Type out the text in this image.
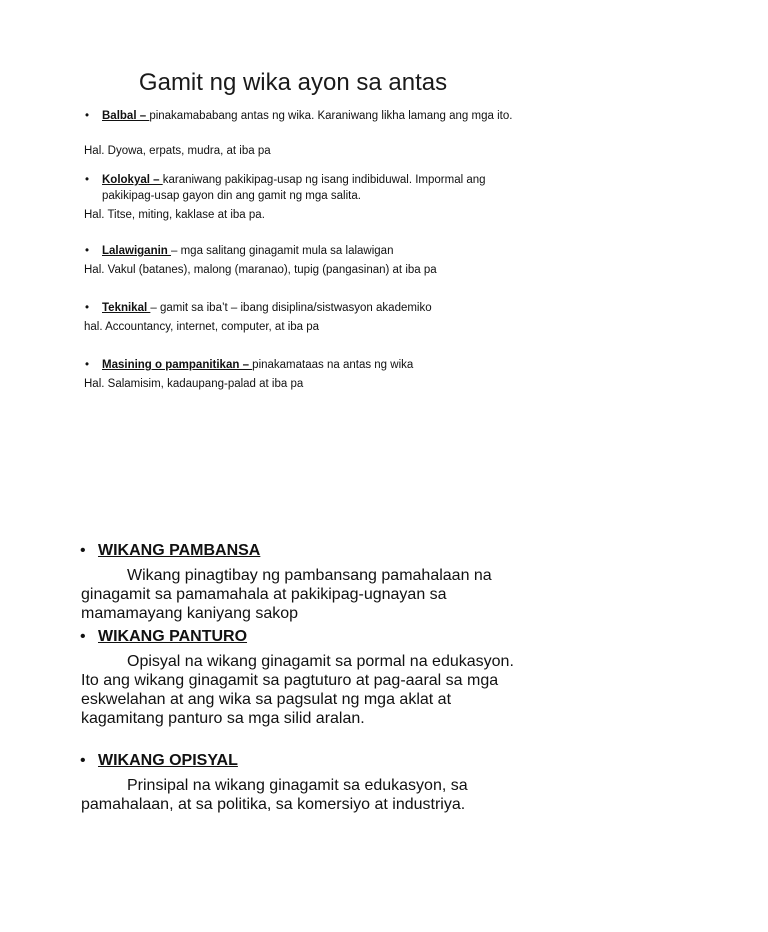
Gamit ng wika ayon sa antas
•	Balbal – pinakamababang antas ng wika. Karaniwang likha lamang ang mga ito.
Hal. Dyowa, erpats, mudra, at iba pa
•	Kolokyal – karaniwang pakikipag-usap ng isang indibiduwal. Impormal ang pakikipag-usap gayon din ang gamit ng mga salita.
Hal. Titse, miting, kaklase at iba pa.
•	Lalawiganin – mga salitang ginagamit mula sa lalawigan
Hal. Vakul (batanes), malong (maranao), tupig (pangasinan) at iba pa
•	Teknikal – gamit sa iba’t – ibang disiplina/sistwasyon akademiko
hal. Accountancy, internet, computer, at iba pa
•	Masining o pampanitikan – pinakamataas na antas ng wika
Hal. Salamisim, kadaupang-palad at iba pa
• WIKANG PAMBANSA
Wikang pinagtibay ng pambansang pamahalaan na ginagamit sa pamamahala at pakikipag-ugnayan sa mamamayang kaniyang sakop
• WIKANG PANTURO
Opisyal na wikang ginagamit sa pormal na edukasyon. Ito ang wikang ginagamit sa pagtuturo at pag-aaral sa mga eskwelahan at ang wika sa pagsulat ng mga aklat at kagamitang panturo sa mga silid aralan.
• WIKANG OPISYAL
Prinsipal na wikang ginagamit sa edukasyon, sa pamahalaan, at sa politika, sa komersiyo at industriya.
